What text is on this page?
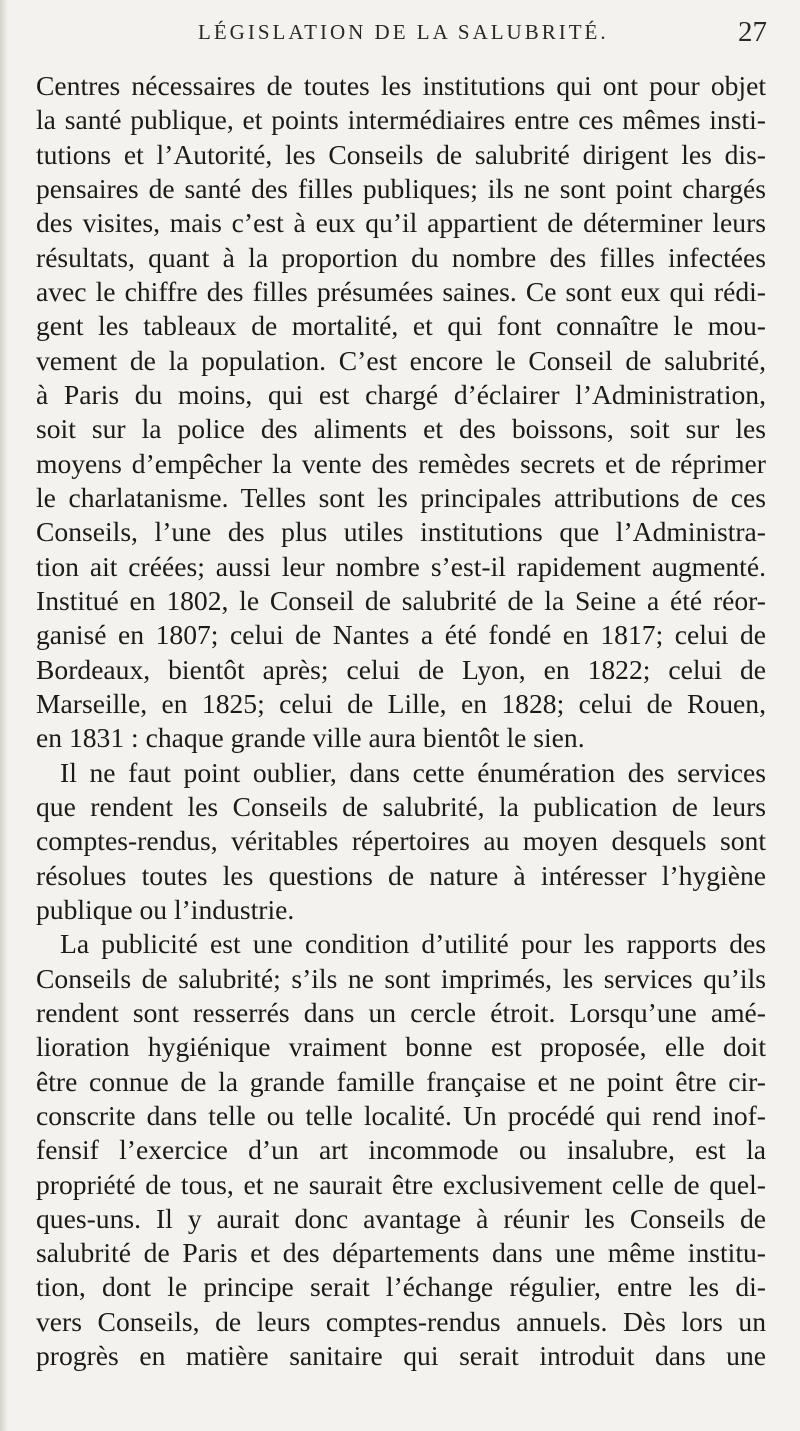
LÉGISLATION DE LA SALUBRITÉ.	27
Centres nécessaires de toutes les institutions qui ont pour objet
la santé publique, et points intermédiaires entre ces mêmes insti-
tutions et l’Autorité, les Conseils de salubrité dirigent les dis-
pensaires de santé des filles publiques; ils ne sont point chargés
des visites, mais c’est à eux qu’il appartient de déterminer leurs
résultats, quant à la proportion du nombre des filles infectées
avec le chiffre des filles présumées saines. Ce sont eux qui rédi-
gent les tableaux de mortalité, et qui font connaître le mou-
vement de la population. C’est encore le Conseil de salubrité,
à Paris du moins, qui est chargé d’éclairer l’Administration,
soit sur la police des aliments et des boissons, soit sur les
moyens d’empêcher la vente des remèdes secrets et de réprimer
le charlatanisme. Telles sont les principales attributions de ces
Conseils, l’une des plus utiles institutions que l’Administra-
tion ait créées; aussi leur nombre s’est-il rapidement augmenté.
Institué en 1802, le Conseil de salubrité de la Seine a été réor-
ganisé en 1807; celui de Nantes a été fondé en 1817; celui de
Bordeaux, bientôt après; celui de Lyon, en 1822; celui de
Marseille, en 1825; celui de Lille, en 1828; celui de Rouen,
en 1831 : chaque grande ville aura bientôt le sien.
Il ne faut point oublier, dans cette énumération des services
que rendent les Conseils de salubrité, la publication de leurs
comptes-rendus, véritables répertoires au moyen desquels sont
résolues toutes les questions de nature à intéresser l’hygiène
publique ou l’industrie.
La publicité est une condition d’utilité pour les rapports des
Conseils de salubrité; s’ils ne sont imprimés, les services qu’ils
rendent sont resserrés dans un cercle étroit. Lorsqu’une amé-
lioration hygiénique vraiment bonne est proposée, elle doit
être connue de la grande famille française et ne point être cir-
conscrite dans telle ou telle localité. Un procédé qui rend inof-
fensif l’exercice d’un art incommode ou insalubre, est la
propriété de tous, et ne saurait être exclusivement celle de quel-
ques-uns. Il y aurait donc avantage à réunir les Conseils de
salubrité de Paris et des départements dans une même institu-
tion, dont le principe serait l’échange régulier, entre les di-
vers Conseils, de leurs comptes-rendus annuels. Dès lors un
progrès en matière sanitaire qui serait introduit dans une
